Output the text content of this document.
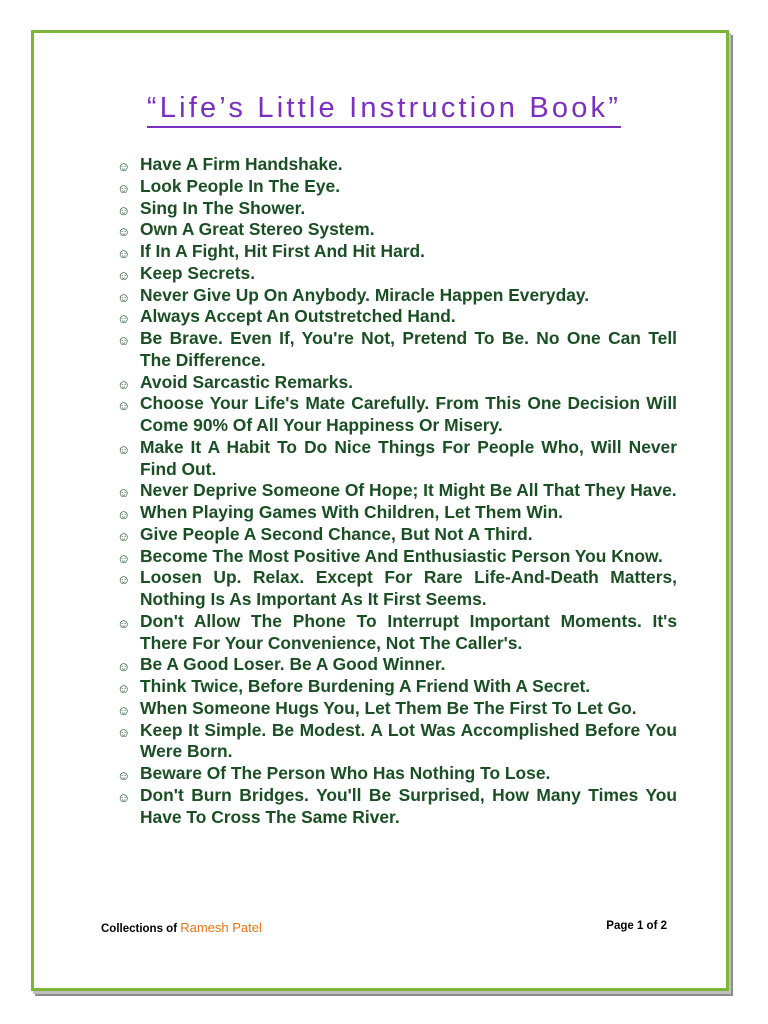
“Life’s Little Instruction Book”
☺ Have A Firm Handshake.
☺ Look People In The Eye.
☺ Sing In The Shower.
☺ Own A Great Stereo System.
☺ If In A Fight, Hit First And Hit Hard.
☺ Keep Secrets.
☺ Never Give Up On Anybody. Miracle Happen Everyday.
☺ Always Accept An Outstretched Hand.
☺ Be Brave. Even If, You're Not, Pretend To Be. No One Can Tell The Difference.
☺ Avoid Sarcastic Remarks.
☺ Choose Your Life's Mate Carefully. From This One Decision Will Come 90% Of All Your Happiness Or Misery.
☺ Make It A Habit To Do Nice Things For People Who, Will Never Find Out.
☺ Never Deprive Someone Of Hope; It Might Be All That They Have.
☺ When Playing Games With Children, Let Them Win.
☺ Give People A Second Chance, But Not A Third.
☺ Become The Most Positive And Enthusiastic Person You Know.
☺ Loosen Up. Relax. Except For Rare Life-And-Death Matters, Nothing Is As Important As It First Seems.
☺ Don't Allow The Phone To Interrupt Important Moments. It's There For Your Convenience, Not The Caller's.
☺ Be A Good Loser. Be A Good Winner.
☺ Think Twice, Before Burdening A Friend With A Secret.
☺ When Someone Hugs You, Let Them Be The First To Let Go.
☺ Keep It Simple. Be Modest. A Lot Was Accomplished Before You Were Born.
☺ Beware Of The Person Who Has Nothing To Lose.
☺ Don't Burn Bridges. You'll Be Surprised, How Many Times You Have To Cross The Same River.
Collections of Ramesh Patel	Page 1 of 2
